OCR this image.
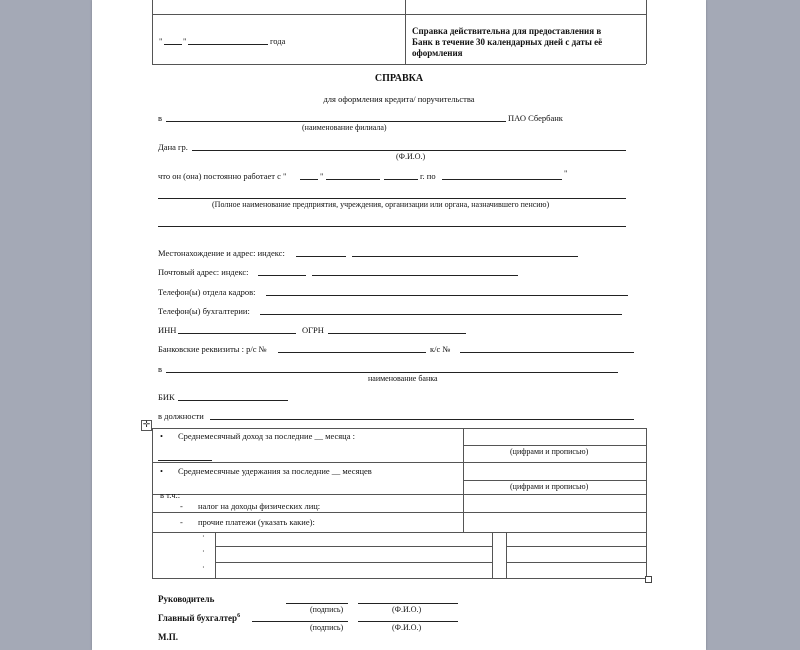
" "	года
Справка действительна для предоставления в
Банк в течение 30 календарных дней с даты её
оформления
СПРАВКА
для оформления кредита/ поручительства
в	ПАО Сбербанк
(наименование филиала)
Дана гр.
(Ф.И.О.)
что он (она) постоянно работает с "	"	г. по	"
(Полное наименование предприятия, учреждения, организации или органа, назначившего пенсию)
Местонахождение и адрес: индекс:
Почтовый адрес: индекс:
Телефон(ы) отдела кадров:
Телефон(ы) бухгалтерии:
ИНН	ОГРН
Банковские реквизиты : р/с №	к/с №
в
наименование банка
БИК
в должности
✛
• Среднемесячный доход за последние __ месяца :
(цифрами и прописью)
• Среднемесячные удержания за последние __ месяцев
(цифрами и прописью)
в т.ч.:
- налог на доходы физических лиц:
- прочие платежи (указать какие):
·
·
·
Руководитель
(подпись)	(Ф.И.О.)
Главный бухгалтер$^6$
(подпись)	(Ф.И.О.)
М.П.
